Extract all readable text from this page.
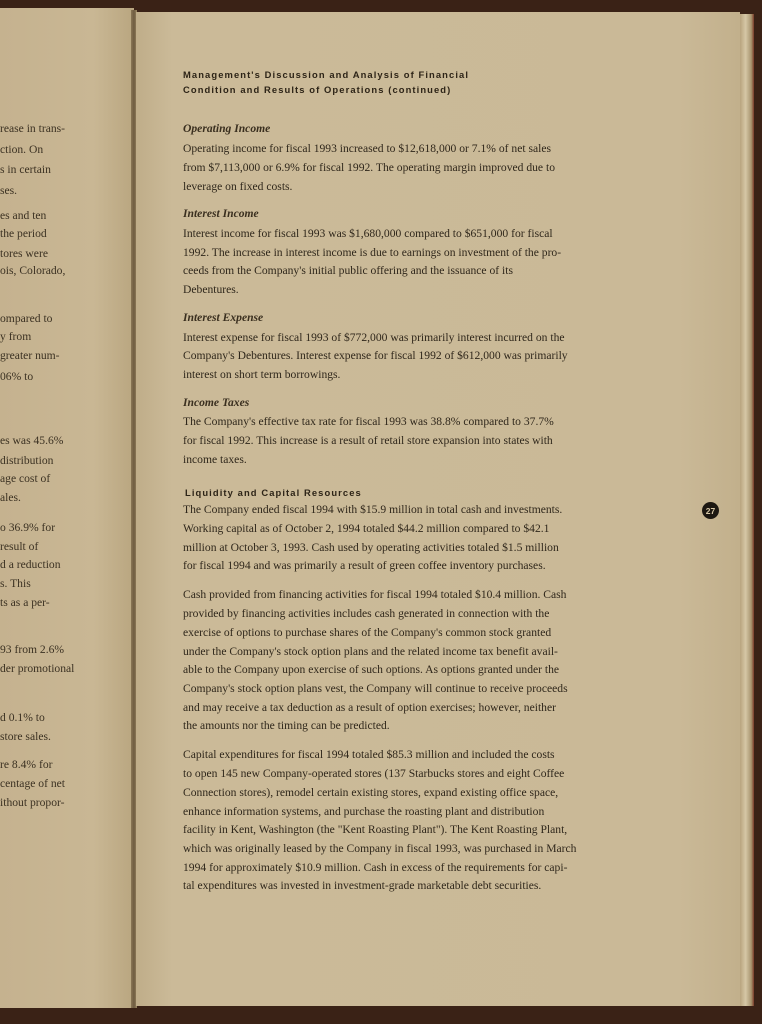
rease in trans-
ction. On
s in certain
ses.
es and ten
the period
tores were
ois, Colorado,
ompared to
y from
greater num-
06% to
es was 45.6%
distribution
age cost of
ales.
o 36.9% for
result of
d a reduction
s. This
ts as a per-
93 from 2.6%
der promotional
d 0.1% to
store sales.
re 8.4% for
centage of net
ithout propor-
Management's Discussion and Analysis of Financial
Condition and Results of Operations (continued)
Operating Income
Operating income for fiscal 1993 increased to $12,618,000 or 7.1% of net sales
from $7,113,000 or 6.9% for fiscal 1992. The operating margin improved due to
leverage on fixed costs.
Interest Income
Interest income for fiscal 1993 was $1,680,000 compared to $651,000 for fiscal
1992. The increase in interest income is due to earnings on investment of the pro-
ceeds from the Company's initial public offering and the issuance of its
Debentures.
Interest Expense
Interest expense for fiscal 1993 of $772,000 was primarily interest incurred on the
Company's Debentures. Interest expense for fiscal 1992 of $612,000 was primarily
interest on short term borrowings.
Income Taxes
The Company's effective tax rate for fiscal 1993 was 38.8% compared to 37.7%
for fiscal 1992. This increase is a result of retail store expansion into states with
income taxes.
Liquidity and Capital Resources
The Company ended fiscal 1994 with $15.9 million in total cash and investments.
Working capital as of October 2, 1994 totaled $44.2 million compared to $42.1
million at October 3, 1993. Cash used by operating activities totaled $1.5 million
for fiscal 1994 and was primarily a result of green coffee inventory purchases.
Cash provided from financing activities for fiscal 1994 totaled $10.4 million. Cash
provided by financing activities includes cash generated in connection with the
exercise of options to purchase shares of the Company's common stock granted
under the Company's stock option plans and the related income tax benefit avail-
able to the Company upon exercise of such options. As options granted under the
Company's stock option plans vest, the Company will continue to receive proceeds
and may receive a tax deduction as a result of option exercises; however, neither
the amounts nor the timing can be predicted.
Capital expenditures for fiscal 1994 totaled $85.3 million and included the costs
to open 145 new Company-operated stores (137 Starbucks stores and eight Coffee
Connection stores), remodel certain existing stores, expand existing office space,
enhance information systems, and purchase the roasting plant and distribution
facility in Kent, Washington (the "Kent Roasting Plant"). The Kent Roasting Plant,
which was originally leased by the Company in fiscal 1993, was purchased in March
1994 for approximately $10.9 million. Cash in excess of the requirements for capi-
tal expenditures was invested in investment-grade marketable debt securities.
27
